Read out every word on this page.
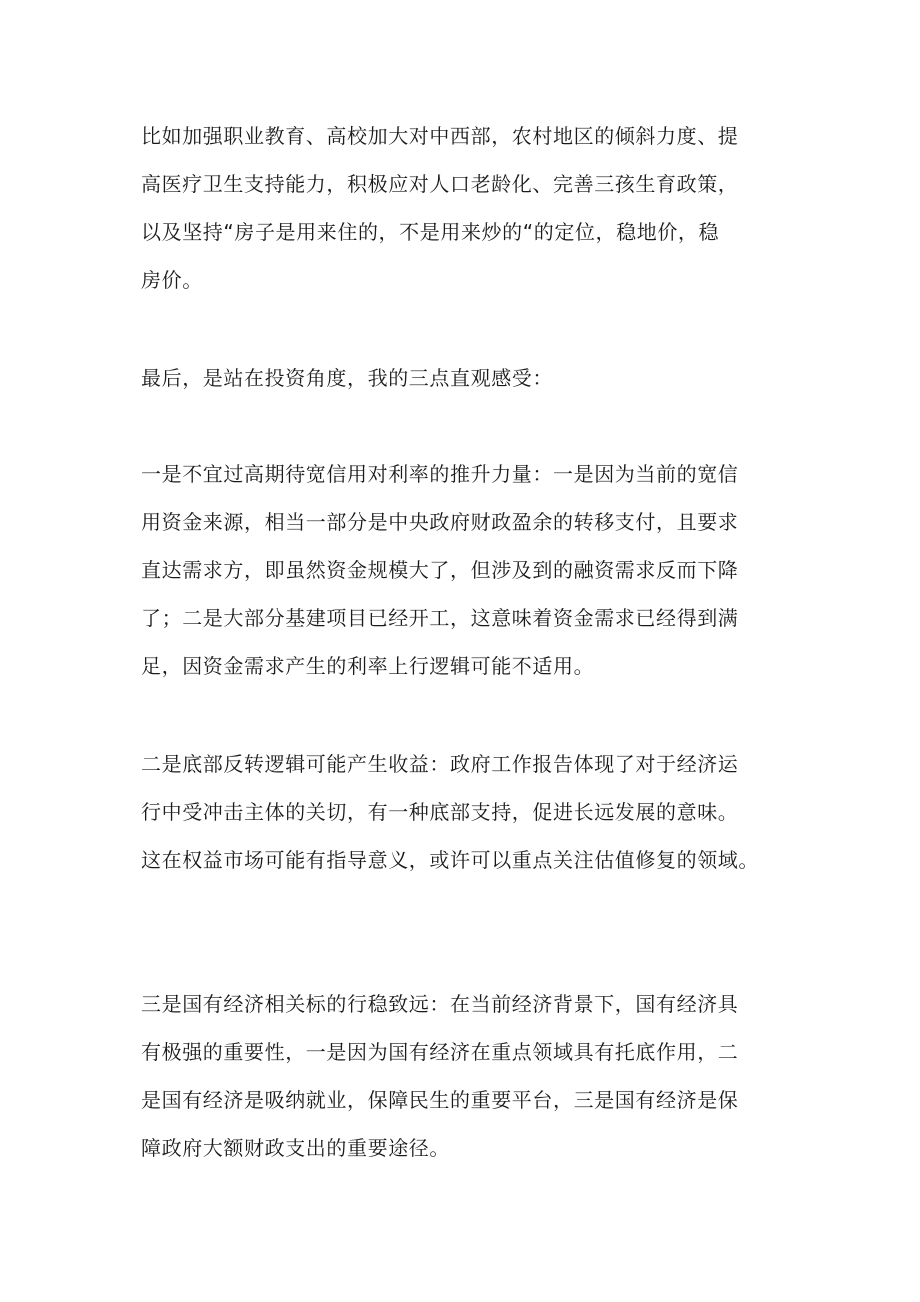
比如加强职业教育、高校加大对中西部，农村地区的倾斜力度、提
高医疗卫生支持能力，积极应对人口老龄化、完善三孩生育政策，
以及坚持“房子是用来住的，不是用来炒的“的定位，稳地价，稳
房价。
最后，是站在投资角度，我的三点直观感受：
一是不宜过高期待宽信用对利率的推升力量：一是因为当前的宽信
用资金来源，相当一部分是中央政府财政盈余的转移支付，且要求
直达需求方，即虽然资金规模大了，但涉及到的融资需求反而下降
了；二是大部分基建项目已经开工，这意味着资金需求已经得到满
足，因资金需求产生的利率上行逻辑可能不适用。
二是底部反转逻辑可能产生收益：政府工作报告体现了对于经济运
行中受冲击主体的关切，有一种底部支持，促进长远发展的意味。
这在权益市场可能有指导意义，或许可以重点关注估值修复的领域。
三是国有经济相关标的行稳致远：在当前经济背景下，国有经济具
有极强的重要性，一是因为国有经济在重点领域具有托底作用，二
是国有经济是吸纳就业，保障民生的重要平台，三是国有经济是保
障政府大额财政支出的重要途径。
